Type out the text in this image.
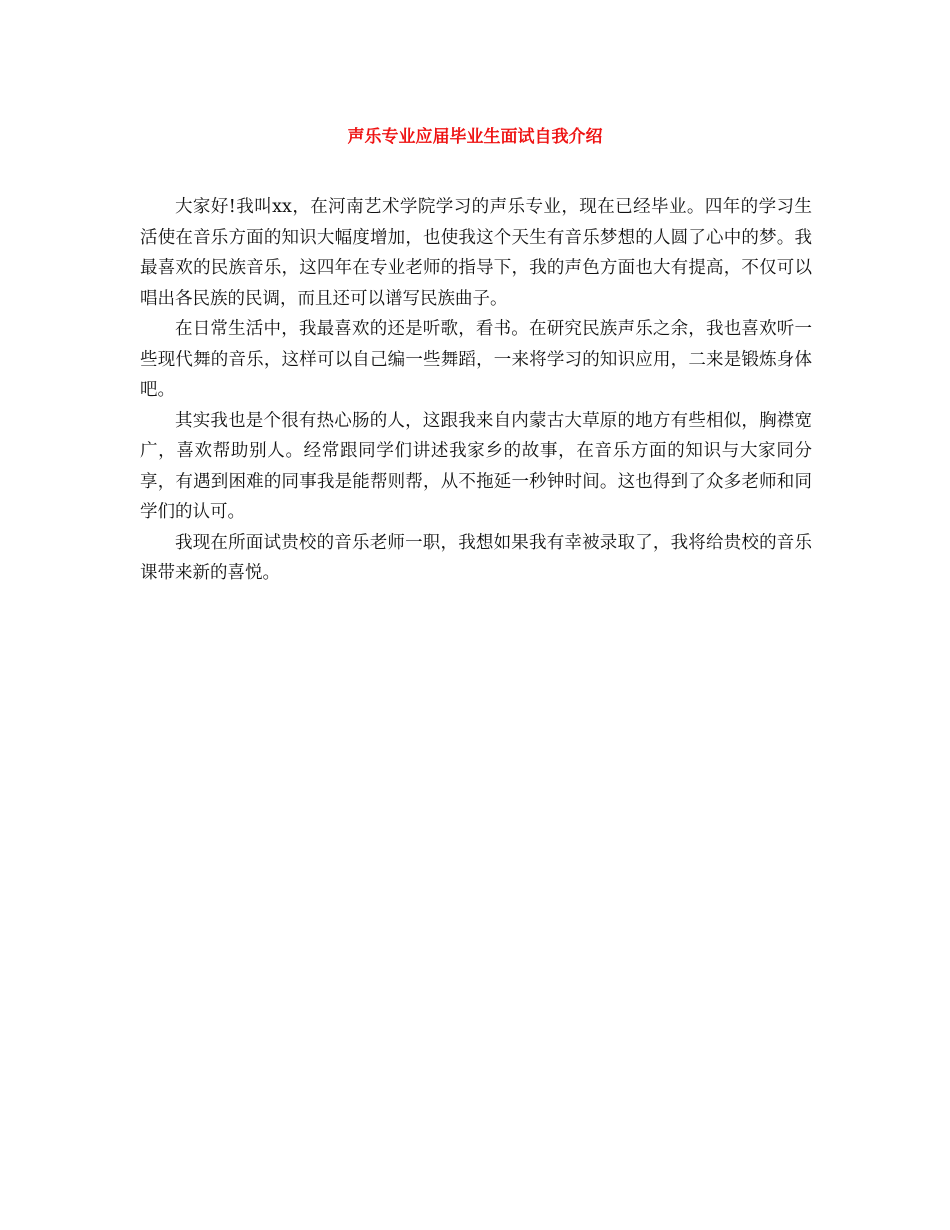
声乐专业应届毕业生面试自我介绍

大家好!我叫xx，在河南艺术学院学习的声乐专业，现在已经毕业。四年的学习生活使在音乐方面的知识大幅度增加，也使我这个天生有音乐梦想的人圆了心中的梦。我最喜欢的民族音乐，这四年在专业老师的指导下，我的声色方面也大有提高，不仅可以唱出各民族的民调，而且还可以谱写民族曲子。

在日常生活中，我最喜欢的还是听歌，看书。在研究民族声乐之余，我也喜欢听一些现代舞的音乐，这样可以自己编一些舞蹈，一来将学习的知识应用，二来是锻炼身体吧。

其实我也是个很有热心肠的人，这跟我来自内蒙古大草原的地方有些相似，胸襟宽广，喜欢帮助别人。经常跟同学们讲述我家乡的故事，在音乐方面的知识与大家同分享，有遇到困难的同事我是能帮则帮，从不拖延一秒钟时间。这也得到了众多老师和同学们的认可。

我现在所面试贵校的音乐老师一职，我想如果我有幸被录取了，我将给贵校的音乐课带来新的喜悦。
